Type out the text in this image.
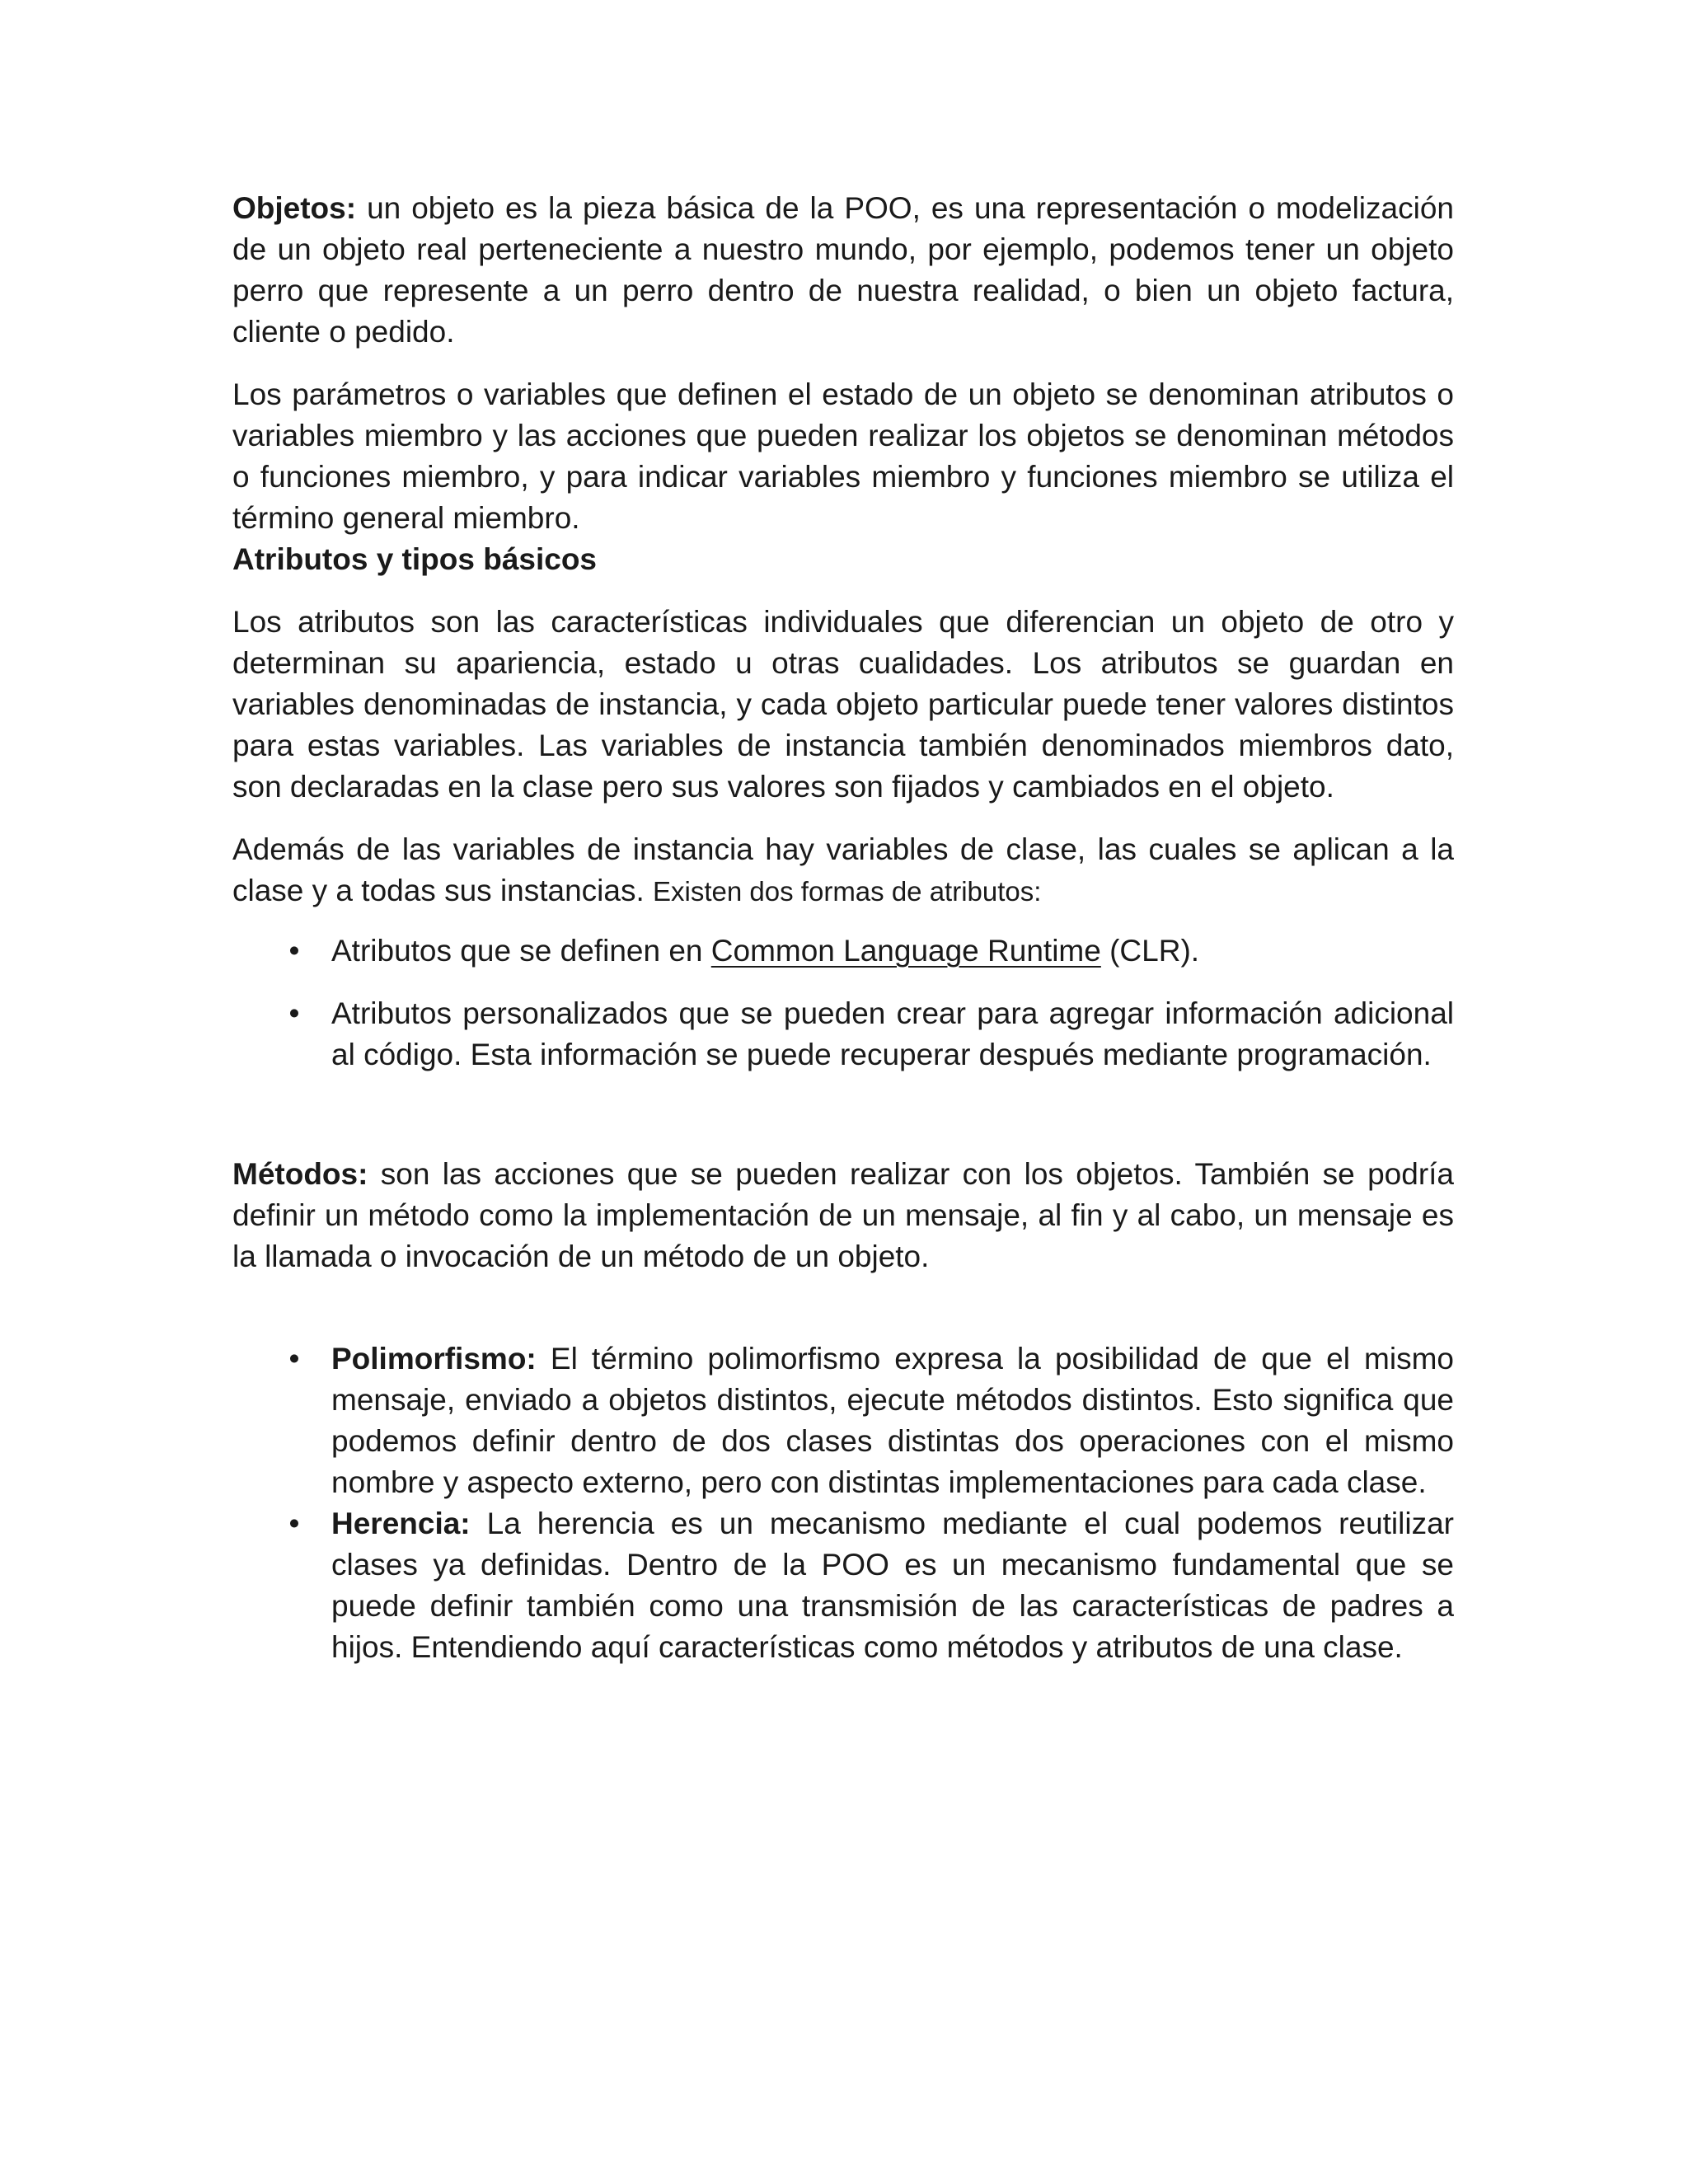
Objetos: un objeto es la pieza básica de la POO, es una representación o modelización de un objeto real perteneciente a nuestro mundo, por ejemplo, podemos tener un objeto perro que represente a un perro dentro de nuestra realidad, o bien un objeto factura, cliente o pedido.

Los parámetros o variables que definen el estado de un objeto se denominan atributos o variables miembro y las acciones que pueden realizar los objetos se denominan métodos o funciones miembro, y para indicar variables miembro y funciones miembro se utiliza el término general miembro.

Atributos y tipos básicos

Los atributos son las características individuales que diferencian un objeto de otro y determinan su apariencia, estado u otras cualidades. Los atributos se guardan en variables denominadas de instancia, y cada objeto particular puede tener valores distintos para estas variables. Las variables de instancia también denominados miembros dato, son declaradas en la clase pero sus valores son fijados y cambiados en el objeto.

Además de las variables de instancia hay variables de clase, las cuales se aplican a la clase y a todas sus instancias. Existen dos formas de atributos:

• Atributos que se definen en Common Language Runtime (CLR).
• Atributos personalizados que se pueden crear para agregar información adicional al código. Esta información se puede recuperar después mediante programación.

Métodos: son las acciones que se pueden realizar con los objetos. También se podría definir un método como la implementación de un mensaje, al fin y al cabo, un mensaje es la llamada o invocación de un método de un objeto.

• Polimorfismo: El término polimorfismo expresa la posibilidad de que el mismo mensaje, enviado a objetos distintos, ejecute métodos distintos. Esto significa que podemos definir dentro de dos clases distintas dos operaciones con el mismo nombre y aspecto externo, pero con distintas implementaciones para cada clase.
• Herencia: La herencia es un mecanismo mediante el cual podemos reutilizar clases ya definidas. Dentro de la POO es un mecanismo fundamental que se puede definir también como una transmisión de las características de padres a hijos. Entendiendo aquí características como métodos y atributos de una clase.
